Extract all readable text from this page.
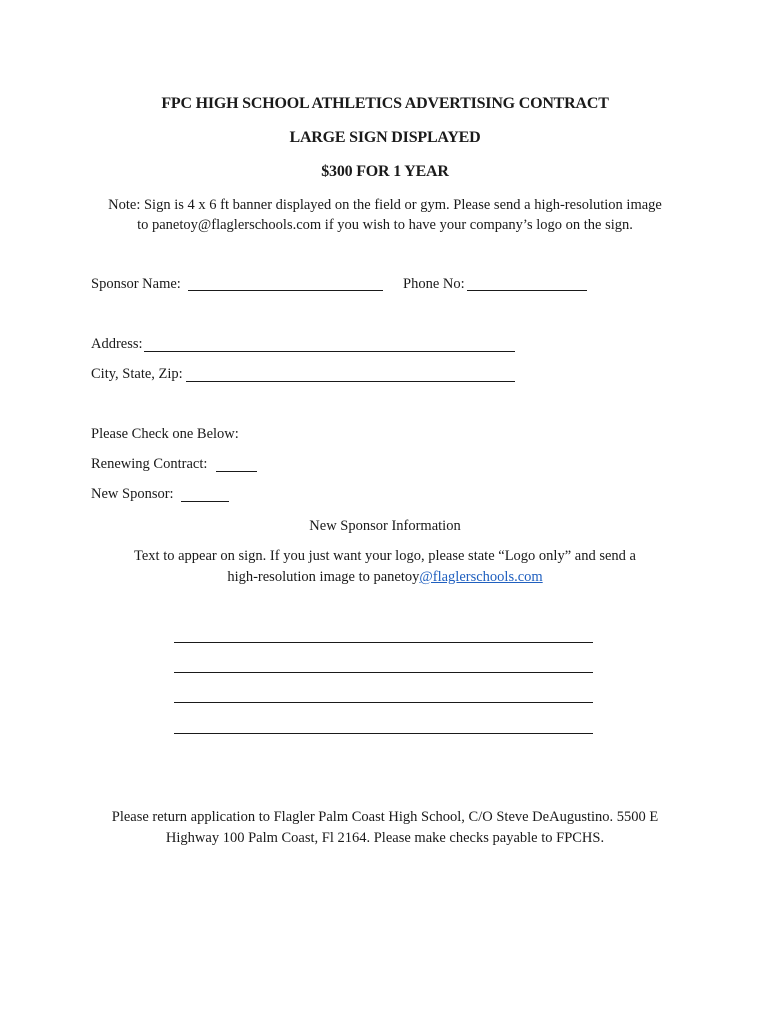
FPC HIGH SCHOOL ATHLETICS ADVERTISING CONTRACT
LARGE SIGN DISPLAYED
$300 FOR 1 YEAR
Note: Sign is 4 x 6 ft banner displayed on the field or gym. Please send a high-resolution image
to panetoy@flaglerschools.com if you wish to have your company’s logo on the sign.
Sponsor Name:	Phone No:
Address:
City, State, Zip:
Please Check one Below:
Renewing Contract:
New Sponsor:
New Sponsor Information
Text to appear on sign. If you just want your logo, please state “Logo only” and send a
high-resolution image to panetoy@flaglerschools.com
Please return application to Flagler Palm Coast High School, C/O Steve DeAugustino. 5500 E
Highway 100 Palm Coast, Fl 2164. Please make checks payable to FPCHS.
